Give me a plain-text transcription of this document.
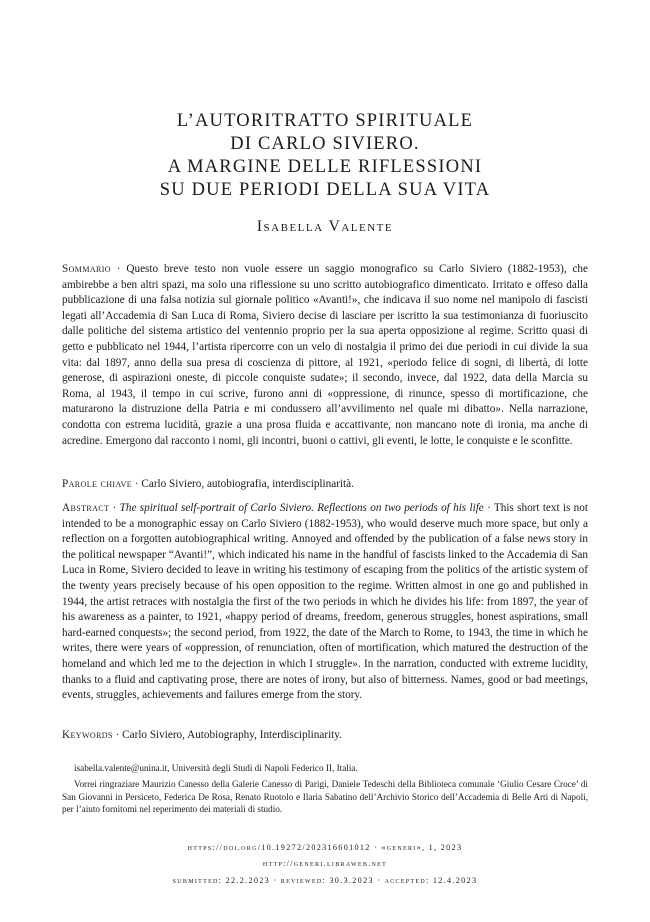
L’AUTORITRATTO SPIRITUALE
DI CARLO SIVIERO.
A MARGINE DELLE RIFLESSIONI
SU DUE PERIODI DELLA SUA VITA
Isabella Valente
Sommario · Questo breve testo non vuole essere un saggio monografico su Carlo Siviero (1882-1953), che ambirebbe a ben altri spazi, ma solo una riflessione su uno scritto autobiografico dimenticato. Irritato e offeso dalla pubblicazione di una falsa notizia sul giornale politico «Avanti!», che indicava il suo nome nel manipolo di fascisti legati all’Accademia di San Luca di Roma, Siviero decise di lasciare per iscritto la sua testimonianza di fuoriuscito dalle politiche del sistema artistico del ventennio proprio per la sua aperta opposizione al regime. Scritto quasi di getto e pubblicato nel 1944, l’artista ripercorre con un velo di nostalgia il primo dei due periodi in cui divide la sua vita: dal 1897, anno della sua presa di coscienza di pittore, al 1921, «periodo felice di sogni, di libertà, di lotte generose, di aspirazioni oneste, di piccole conquiste sudate»; il secondo, invece, dal 1922, data della Marcia su Roma, al 1943, il tempo in cui scrive, furono anni di «oppressione, di rinunce, spesso di mortificazione, che maturarono la distruzione della Patria e mi condussero all’avvilimento nel quale mi dibatto». Nella narrazione, condotta con estrema lucidità, grazie a una prosa fluida e accattivante, non mancano note di ironia, ma anche di acredine. Emergono dal racconto i nomi, gli incontri, buoni o cattivi, gli eventi, le lotte, le conquiste e le sconfitte.
Parole chiave · Carlo Siviero, autobiografia, interdisciplinarità.
Abstract · The spiritual self-portrait of Carlo Siviero. Reflections on two periods of his life · This short text is not intended to be a monographic essay on Carlo Siviero (1882-1953), who would deserve much more space, but only a reflection on a forgotten autobiographical writing. Annoyed and offended by the publication of a false news story in the political newspaper “Avanti!”, which indicated his name in the handful of fascists linked to the Accademia di San Luca in Rome, Siviero decided to leave in writing his testimony of escaping from the politics of the artistic system of the twenty years precisely because of his open opposition to the regime. Written almost in one go and published in 1944, the artist retraces with nostalgia the first of the two periods in which he divides his life: from 1897, the year of his awareness as a painter, to 1921, «happy period of dreams, freedom, generous struggles, honest aspirations, small hard-earned conquests»; the second period, from 1922, the date of the March to Rome, to 1943, the time in which he writes, there were years of «oppression, of renunciation, often of mortification, which matured the destruction of the homeland and which led me to the dejection in which I struggle». In the narration, conducted with extreme lucidity, thanks to a fluid and captivating prose, there are notes of irony, but also of bitterness. Names, good or bad meetings, events, struggles, achievements and failures emerge from the story.
Keywords · Carlo Siviero, Autobiography, Interdisciplinarity.
isabella.valente@unina.it, Università degli Studi di Napoli Federico II, Italia.
Vorrei ringraziare Maurizio Canesso della Galerie Canesso di Parigi, Daniele Tedeschi della Biblioteca comunale ‘Giulio Cesare Croce’ di San Giovanni in Persiceto, Federica De Rosa, Renato Ruotolo e Ilaria Sabatino dell’Archivio Storico dell’Accademia di Belle Arti di Napoli, per l’aiuto fornitomi nel reperimento dei materiali di studio.
https://doi.org/10.19272/202316601012 · «generi», 1, 2023
http://generi.libraweb.net
submitted: 22.2.2023 · reviewed: 30.3.2023 · accepted: 12.4.2023
